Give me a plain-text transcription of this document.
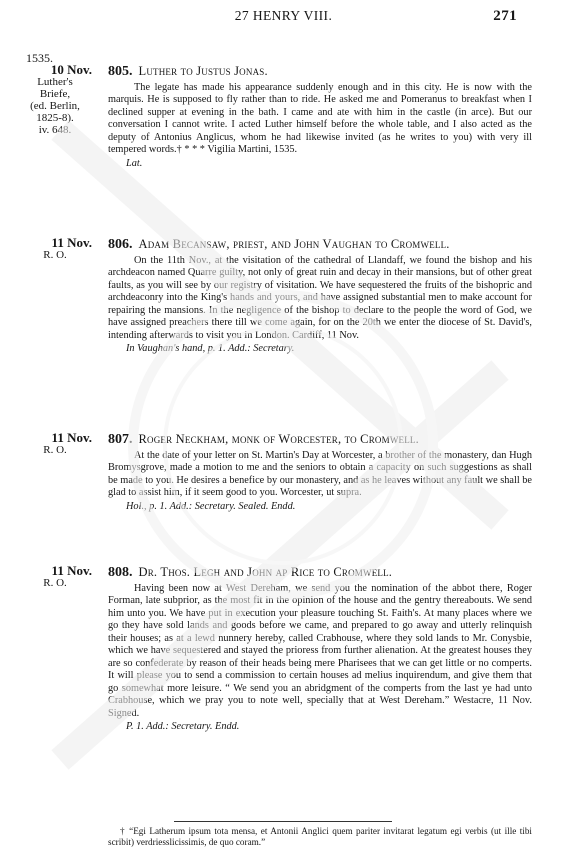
27 HENRY VIII.	271
1535.
10 Nov.
Luther's
Briefe,
(ed. Berlin,
1825-8).
iv. 648.
805. Luther to Justus Jonas.

The legate has made his appearance suddenly enough and in this city. He is now with the marquis. He is supposed to fly rather than to ride. He asked me and Pomeranus to breakfast when I declined supper at evening in the bath. I came and ate with him in the castle (in arce). But our conversation I cannot write. I acted Luther himself before the whole table, and I also acted as the deputy of Antonius Anglicus, whom he had likewise invited (as he writes to you) with very ill tempered words.† * * * Vigilia Martini, 1535.

Lat.
11 Nov.
R. O.
806. Adam Becansaw, priest, and John Vaughan to Cromwell.

On the 11th Nov., at the visitation of the cathedral of Llandaff, we found the bishop and his archdeacon named Quarre guilty, not only of great ruin and decay in their mansions, but of other great faults, as you will see by our registry of visitation. We have sequestered the fruits of the bishopric and archdeaconry into the King's hands and yours, and have assigned substantial men to make account for repairing the mansions. In the negligence of the bishop to declare to the people the word of God, we have assigned preachers there till we come again, for on the 20th we enter the diocese of St. David's, intending afterwards to visit you in London. Cardiff, 11 Nov.

In Vaughan's hand, p. 1. Add.: Secretary.
11 Nov.
R. O.
807. Roger Neckham, monk of Worcester, to Cromwell.

At the date of your letter on St. Martin's Day at Worcester, a brother of the monastery, dan Hugh Bromysgrove, made a motion to me and the seniors to obtain a capacity on such suggestions as shall be made to you. He desires a benefice by our monastery, and as he leaves without any fault we shall be glad to assist him, if it seem good to you. Worcester, ut supra.

Hol., p. 1. Add.: Secretary. Sealed. Endd.
11 Nov.
R. O.
808. Dr. Thos. Legh and John ap Rice to Cromwell.

Having been now at West Dereham, we send you the nomination of the abbot there, Roger Forman, late subprior, as the most fit in the opinion of the house and the gentry thereabouts. We send him unto you. We have put in execution your pleasure touching St. Faith's. At many places where we go they have sold lands and goods before we came, and prepared to go away and utterly relinquish their houses; as at a lewd nunnery hereby, called Crabhouse, where they sold lands to Mr. Conysbie, which we have sequestered and stayed the prioress from further alienation. At the greatest houses they are so confederate by reason of their heads being mere Pharisees that we can get little or no comperts. It will please you to send a commission to certain houses ad melius inquirendum, and give them that go somewhat more leisure. “ We send you an abridgment of the comperts from the last ye had unto Crabhouse, which we pray you to note well, specially that at West Dereham.” Westacre, 11 Nov. Signed.

P. 1. Add.: Secretary. Endd.
† “Egi Latherum ipsum tota mensa, et Antonii Anglici quem pariter invitarat legatum egi verbis (ut ille tibi scribit) verdriesslicissimis, de quo coram.”
